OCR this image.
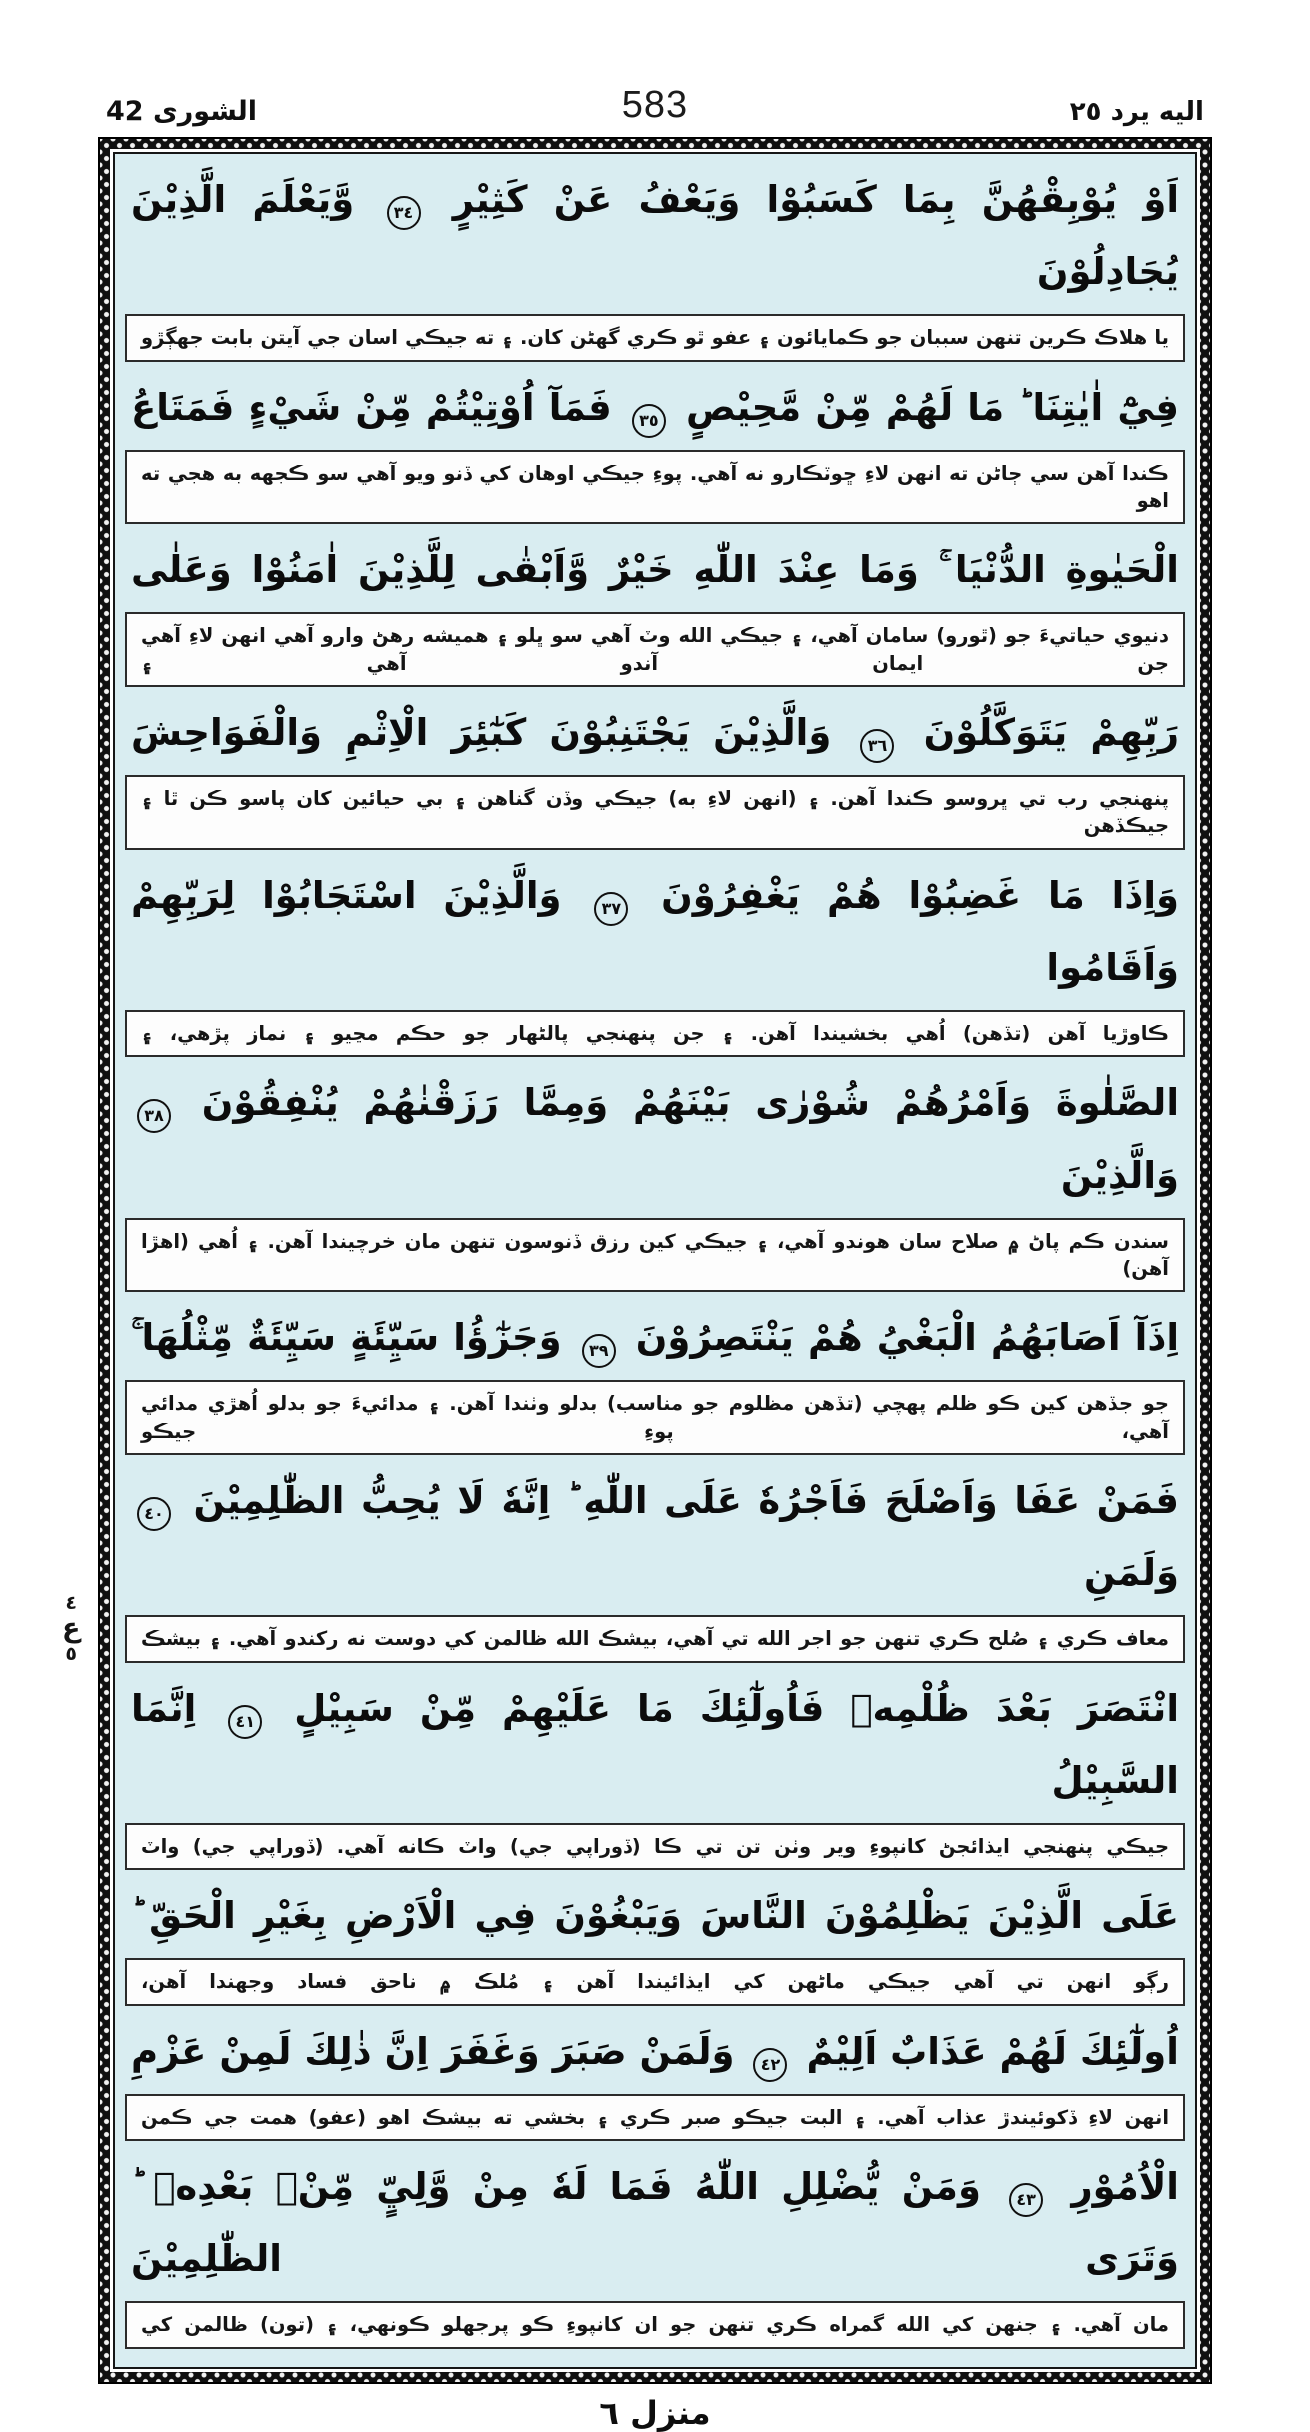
الشورى 42	583	اليه يرد ٢٥
اَوْ يُوْبِقْهُنَّ بِمَا كَسَبُوْا وَيَعْفُ عَنْ كَثِيْرٍ ٣٤ وَّيَعْلَمَ الَّذِيْنَ يُجَادِلُوْنَ
يا هلاڪ ڪرين تنهن سببان جو ڪمايائون ۽ عفو ٿو ڪري گهڻن کان. ۽ ته جيڪي اسان جي آيتن بابت جهڳڙو
فِيْٓ اٰيٰتِنَا ؕ مَا لَهُمْ مِّنْ مَّحِيْصٍ ٣٥ فَمَآ اُوْتِيْتُمْ مِّنْ شَيْءٍ فَمَتَاعُ
ڪندا آهن سي ڄاڻن ته انهن لاءِ ڇوٽڪارو نه آهي. پوءِ جيڪي اوهان کي ڏنو ويو آهي سو ڪجهه به هجي ته اهو
الْحَيٰوةِ الدُّنْيَا ۚ وَمَا عِنْدَ اللّٰهِ خَيْرٌ وَّاَبْقٰى لِلَّذِيْنَ اٰمَنُوْا وَعَلٰى
دنيوي حياتيءَ جو (ٿورو) سامان آهي، ۽ جيڪي الله وٽ آهي سو ڀلو ۽ هميشه رهڻ وارو آهي انهن لاءِ آهي جن ايمان آندو آهي ۽
رَبِّهِمْ يَتَوَكَّلُوْنَ ٣٦ وَالَّذِيْنَ يَجْتَنِبُوْنَ كَبٰٓئِرَ الْاِثْمِ وَالْفَوَاحِشَ
پنهنجي رب تي ڀروسو ڪندا آهن. ۽ (انهن لاءِ به) جيڪي وڏن گناهن ۽ بي حيائين کان پاسو ڪن ٿا ۽ جيڪڏهن
وَاِذَا مَا غَضِبُوْا هُمْ يَغْفِرُوْنَ ٣٧ وَالَّذِيْنَ اسْتَجَابُوْا لِرَبِّهِمْ وَاَقَامُوا
ڪاوڙيا آهن (تڏهن) اُهي بخشيندا آهن. ۽ جن پنهنجي پالڻهار جو حڪم مڃيو ۽ نماز پڙهي، ۽
الصَّلٰوةَ وَاَمْرُهُمْ شُوْرٰى بَيْنَهُمْ وَمِمَّا رَزَقْنٰهُمْ يُنْفِقُوْنَ ٣٨ وَالَّذِيْنَ
سندن ڪم پاڻ ۾ صلاح سان هوندو آهي، ۽ جيڪي کين رزق ڏنوسون تنهن مان خرچيندا آهن. ۽ اُهي (اهڙا آهن)
اِذَآ اَصَابَهُمُ الْبَغْيُ هُمْ يَنْتَصِرُوْنَ ٣٩ وَجَزٰٓؤُا سَيِّئَةٍ سَيِّئَةٌ مِّثْلُهَا ۚ
جو جڏهن کين ڪو ظلم پهچي (تڏهن مظلوم جو مناسب) بدلو وٺندا آهن. ۽ مدائيءَ جو بدلو اُهڙي مدائي آهي، پوءِ جيڪو
فَمَنْ عَفَا وَاَصْلَحَ فَاَجْرُهٗ عَلَى اللّٰهِ ؕ اِنَّهٗ لَا يُحِبُّ الظّٰلِمِيْنَ ٤٠ وَلَمَنِ
معاف ڪري ۽ صُلح ڪري تنهن جو اجر الله تي آهي، بيشڪ الله ظالمن کي دوست نه رکندو آهي. ۽ بيشڪ
انْتَصَرَ بَعْدَ ظُلْمِهٖ فَاُولٰٓئِكَ مَا عَلَيْهِمْ مِّنْ سَبِيْلٍ ٤١ اِنَّمَا السَّبِيْلُ
جيڪي پنهنجي ايذائجڻ کانپوءِ وير وٺن تن تي ڪا (ڏوراپي جي) واٽ ڪانه آهي. (ڏوراپي جي) واٽ
عَلَى الَّذِيْنَ يَظْلِمُوْنَ النَّاسَ وَيَبْغُوْنَ فِي الْاَرْضِ بِغَيْرِ الْحَقِّ ؕ
رڳو انهن تي آهي جيڪي ماڻهن کي ايذائيندا آهن ۽ مُلڪ ۾ ناحق فساد وجهندا آهن،
اُولٰٓئِكَ لَهُمْ عَذَابٌ اَلِيْمٌ ٤٢ وَلَمَنْ صَبَرَ وَغَفَرَ اِنَّ ذٰلِكَ لَمِنْ عَزْمِ
انهن لاءِ ڏکوئيندڙ عذاب آهي. ۽ البت جيڪو صبر ڪري ۽ بخشي ته بيشڪ اهو (عفو) همت جي ڪمن
الْاُمُوْرِ ٤٣ وَمَنْ يُّضْلِلِ اللّٰهُ فَمَا لَهٗ مِنْ وَّلِيٍّ مِّنْۢ بَعْدِهٖ ؕ وَتَرَى الظّٰلِمِيْنَ
مان آهي. ۽ جنهن کي الله گمراه ڪري تنهن جو ان کانپوءِ ڪو پرجهلو ڪونهي، ۽ (تون) ظالمن کي
٤
ع
٥
منزل ٦
